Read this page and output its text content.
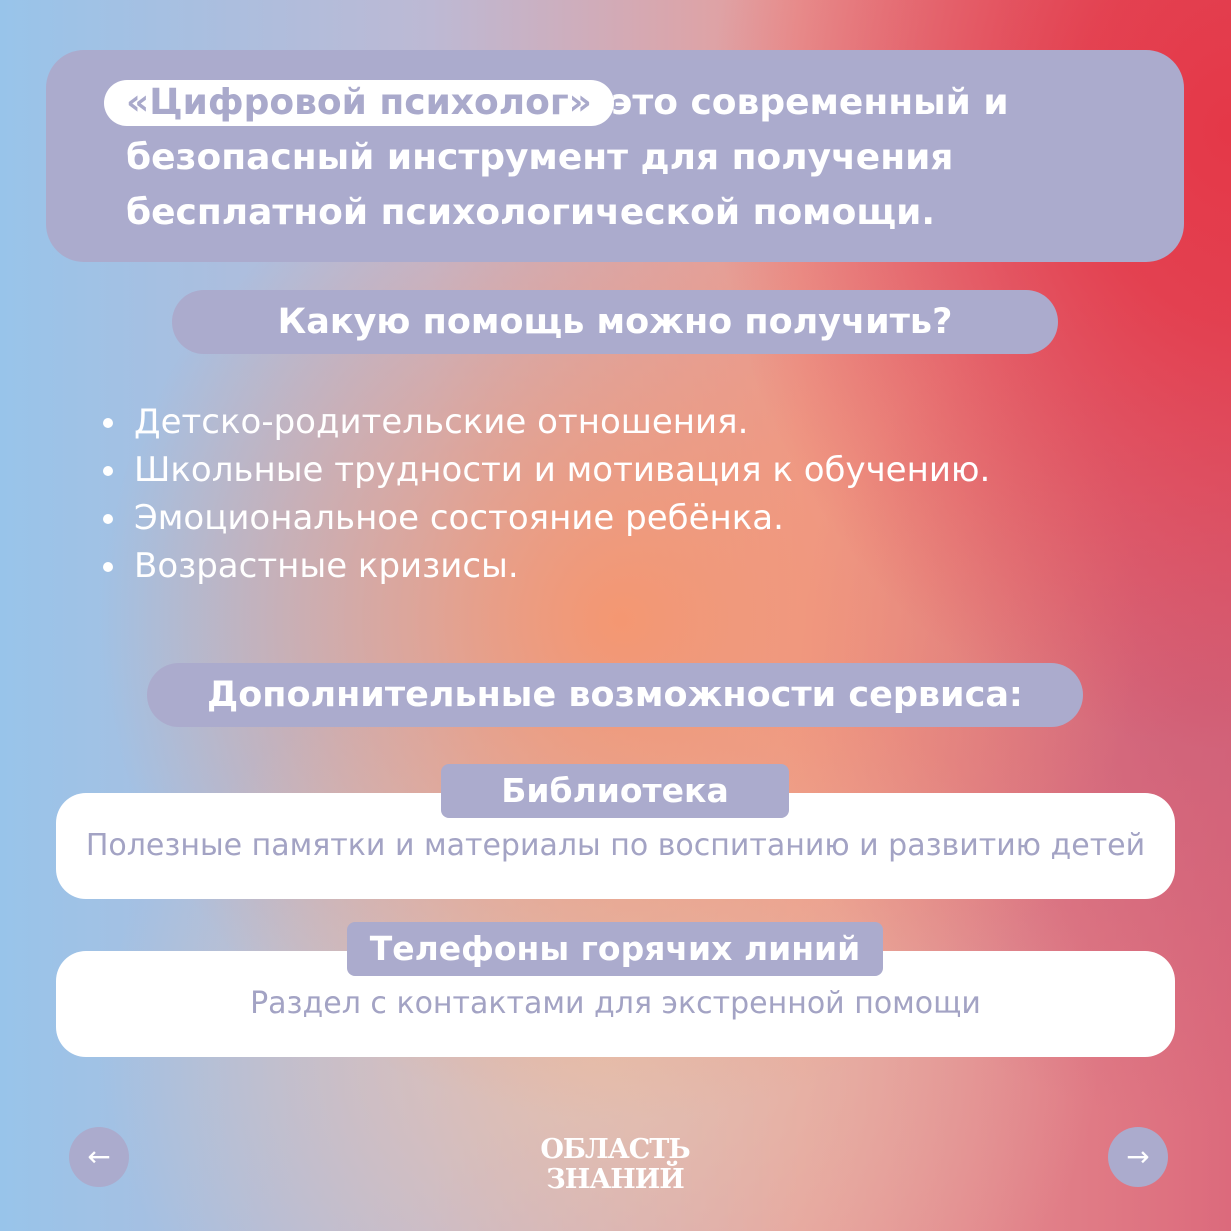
«Цифровой психолог» это современный и
безопасный инструмент для получения
бесплатной психологической помощи.
Какую помощь можно получить?
Детско-родительские отношения.
Школьные трудности и мотивация к обучению.
Эмоциональное состояние ребёнка.
Возрастные кризисы.
Дополнительные возможности сервиса:
Полезные памятки и материалы по воспитанию и развитию детей
Библиотека
Раздел с контактами для экстренной помощи
Телефоны горячих линий
←	ОБЛАСТЬ
ЗНАНИЙ
→
